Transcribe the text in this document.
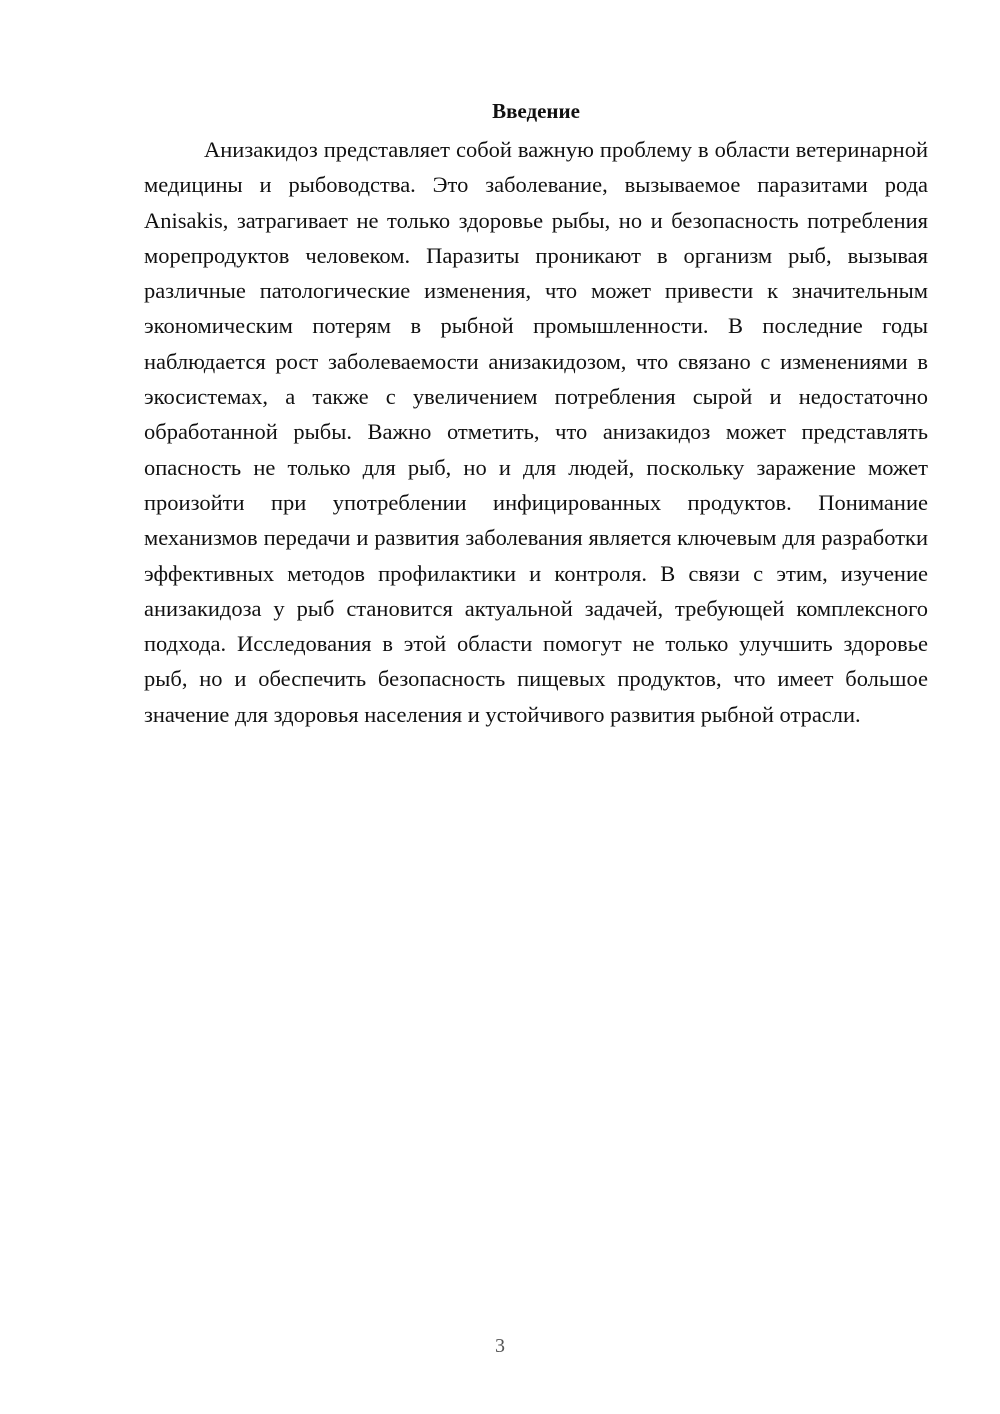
Введение

Анизакидоз представляет собой важную проблему в области ветеринарной медицины и рыбоводства. Это заболевание, вызываемое паразитами рода Anisakis, затрагивает не только здоровье рыбы, но и безопасность потребления морепродуктов человеком. Паразиты проникают в организм рыб, вызывая различные патологические изменения, что может привести к значительным экономическим потерям в рыбной промышленности. В последние годы наблюдается рост заболеваемости анизакидозом, что связано с изменениями в экосистемах, а также с увеличением потребления сырой и недостаточно обработанной рыбы. Важно отметить, что анизакидоз может представлять опасность не только для рыб, но и для людей, поскольку заражение может произойти при употреблении инфицированных продуктов. Понимание механизмов передачи и развития заболевания является ключевым для разработки эффективных методов профилактики и контроля. В связи с этим, изучение анизакидоза у рыб становится актуальной задачей, требующей комплексного подхода. Исследования в этой области помогут не только улучшить здоровье рыб, но и обеспечить безопасность пищевых продуктов, что имеет большое значение для здоровья населения и устойчивого развития рыбной отрасли.

3
